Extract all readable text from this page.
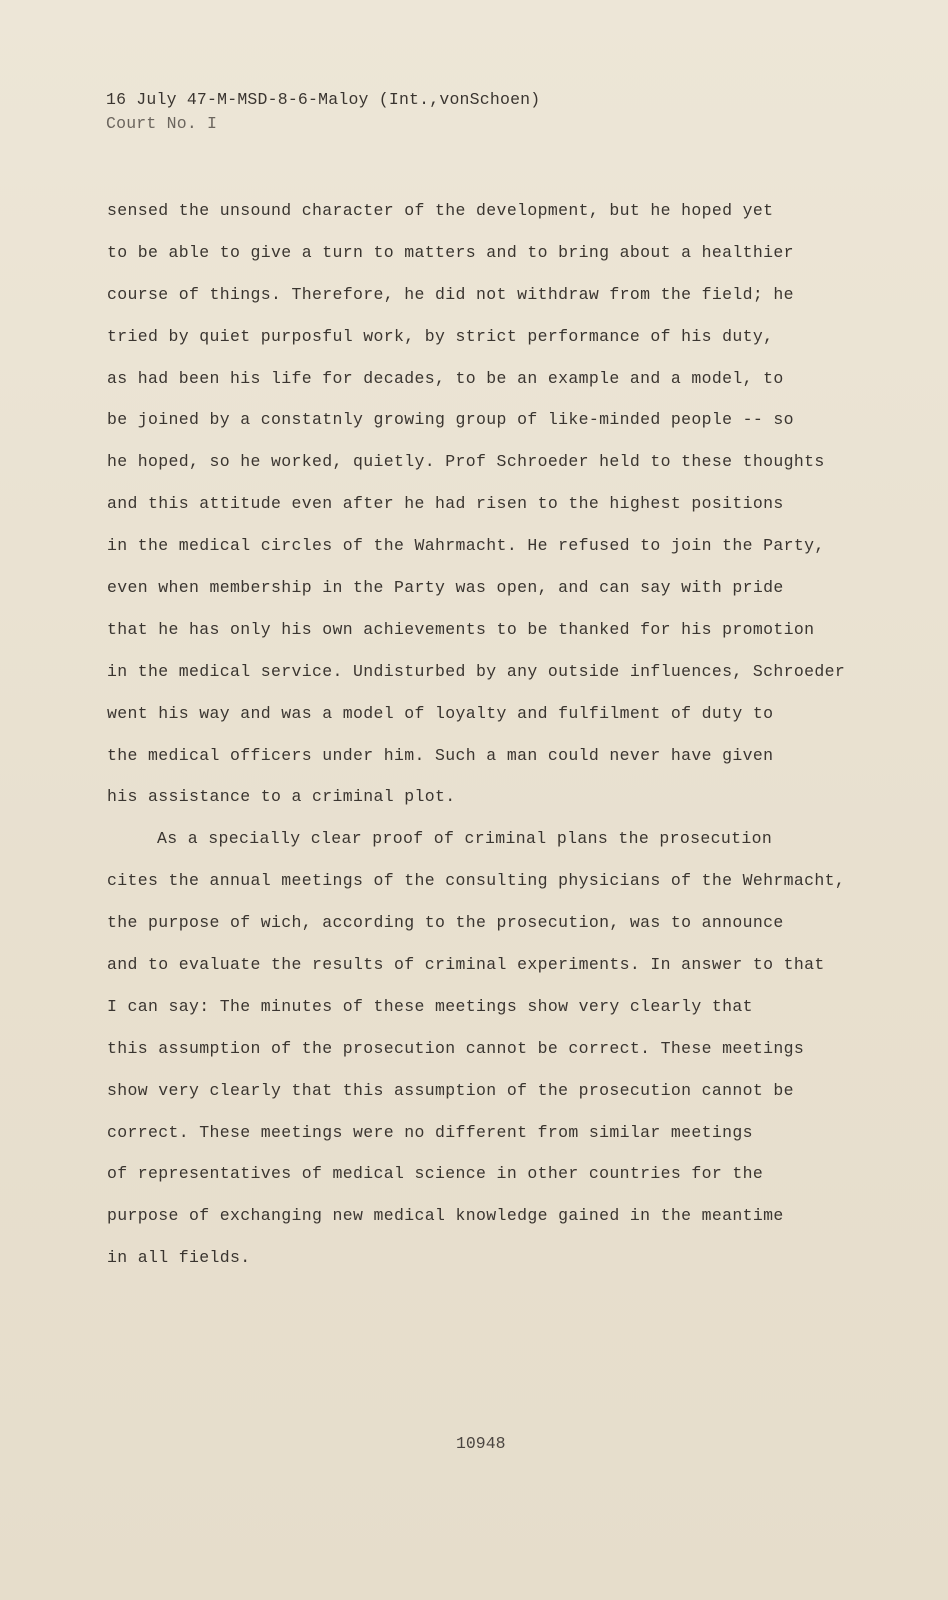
16 July 47-M-MSD-8-6-Maloy (Int.,vonSchoen)
Court No. I
sensed the unsound character of the development, but he hoped yet
to be able to give a turn to matters and to bring about a healthier
course of things. Therefore, he did not withdraw from the field; he
tried by quiet purposful work, by strict performance of his duty,
as had been his life for decades, to be an example and a model, to
be joined by a constatnly growing group of like-minded people -- so
he hoped, so he worked, quietly. Prof Schroeder held to these thoughts
and this attitude even after he had risen to the highest positions
in the medical circles of the Wahrmacht. He refused to join the Party,
even when membership in the Party was open, and can say with pride
that he has only his own achievements to be thanked for his promotion
in the medical service. Undisturbed by any outside influences, Schroeder
went his way and was a model of loyalty and fulfilment of duty to
the medical officers under him. Such a man could never have given
his assistance to a criminal plot.
As a specially clear proof of criminal plans the prosecution
cites the annual meetings of the consulting physicians of the Wehrmacht,
the purpose of wich, according to the prosecution, was to announce
and to evaluate the results of criminal experiments. In answer to that
I can say: The minutes of these meetings show very clearly that
this assumption of the prosecution cannot be correct. These meetings
show very clearly that this assumption of the prosecution cannot be
correct. These meetings were no different from similar meetings
of representatives of medical science in other countries for the
purpose of exchanging new medical knowledge gained in the meantime
in all fields.
10948
